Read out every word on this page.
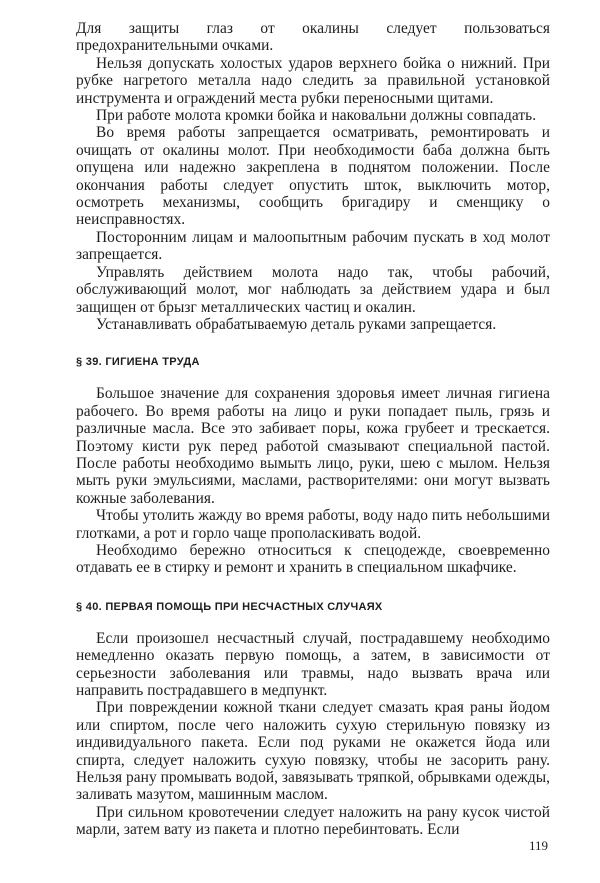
Для защиты глаз от окалины следует пользоваться предохранительными очками.

Нельзя допускать холостых ударов верхнего бойка о нижний. При рубке нагретого металла надо следить за правильной установкой инструмента и ограждений места рубки переносными щитами.

При работе молота кромки бойка и наковальни должны совпадать.

Во время работы запрещается осматривать, ремонтировать и очищать от окалины молот. При необходимости баба должна быть опущена или надежно закреплена в поднятом положении. После окончания работы следует опустить шток, выключить мотор, осмотреть механизмы, сообщить бригадиру и сменщику о неисправностях.

Посторонним лицам и малоопытным рабочим пускать в ход молот запрещается.

Управлять действием молота надо так, чтобы рабочий, обслуживающий молот, мог наблюдать за действием удара и был защищен от брызг металлических частиц и окалин.

Устанавливать обрабатываемую деталь руками запрещается.

§ 39. ГИГИЕНА ТРУДА

Большое значение для сохранения здоровья имеет личная гигиена рабочего. Во время работы на лицо и руки попадает пыль, грязь и различные масла. Все это забивает поры, кожа грубеет и трескается. Поэтому кисти рук перед работой смазывают специальной пастой. После работы необходимо вымыть лицо, руки, шею с мылом. Нельзя мыть руки эмульсиями, маслами, растворителями: они могут вызвать кожные заболевания.

Чтобы утолить жажду во время работы, воду надо пить небольшими глотками, а рот и горло чаще прополаскивать водой.

Необходимо бережно относиться к спецодежде, своевременно отдавать ее в стирку и ремонт и хранить в специальном шкафчике.

§ 40. ПЕРВАЯ ПОМОЩЬ ПРИ НЕСЧАСТНЫХ СЛУЧАЯХ

Если произошел несчастный случай, пострадавшему необходимо немедленно оказать первую помощь, а затем, в зависимости от серьезности заболевания или травмы, надо вызвать врача или направить пострадавшего в медпункт.

При повреждении кожной ткани следует смазать края раны йодом или спиртом, после чего наложить сухую стерильную повязку из индивидуального пакета. Если под руками не окажется йода или спирта, следует наложить сухую повязку, чтобы не засорить рану. Нельзя рану промывать водой, завязывать тряпкой, обрывками одежды, заливать мазутом, машинным маслом.

При сильном кровотечении следует наложить на рану кусок чистой марли, затем вату из пакета и плотно перебинтовать. Если

119
